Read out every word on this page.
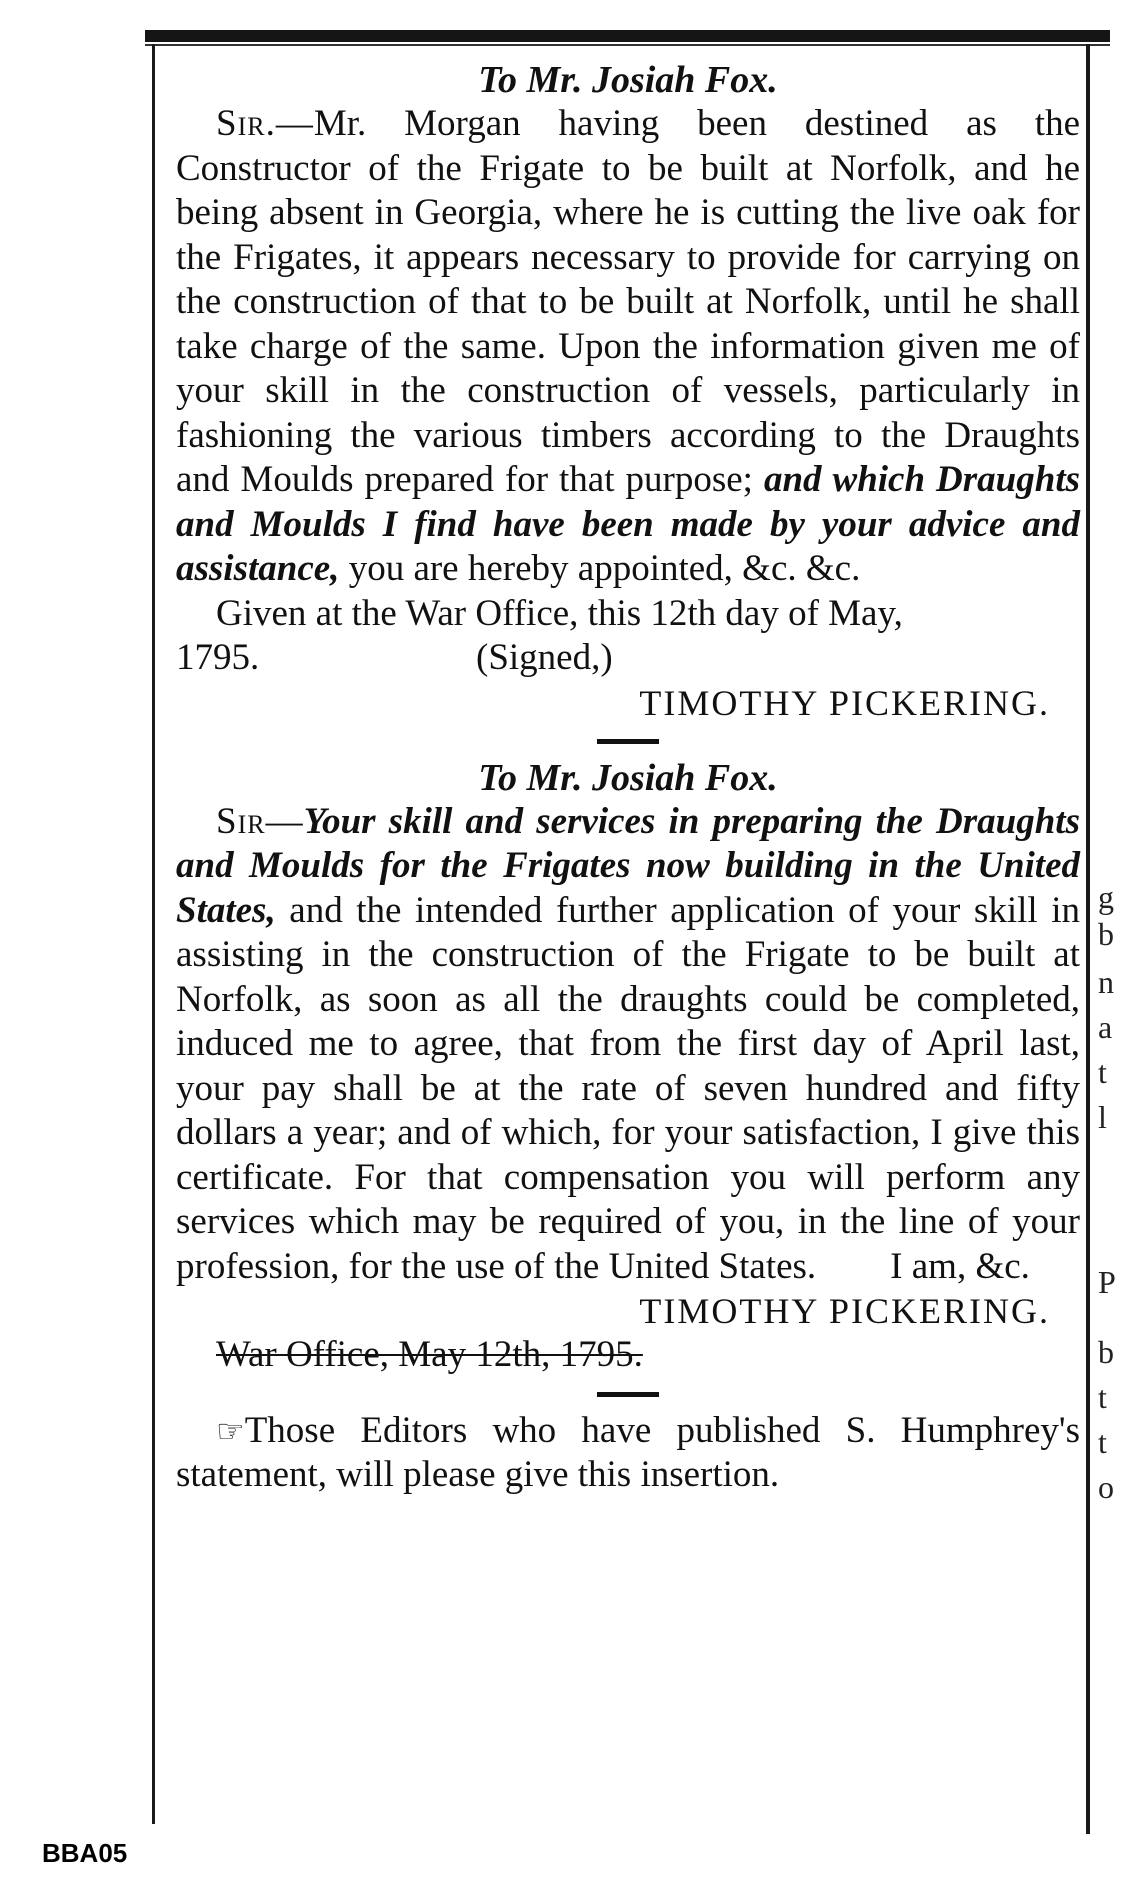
To Mr. Josiah Fox.

Sir.—Mr. Morgan having been destined as the Constructor of the Frigate to be built at Norfolk, and he being absent in Georgia, where he is cutting the live oak for the Frigates, it appears necessary to provide for carrying on the construction of that to be built at Norfolk, until he shall take charge of the same. Upon the information given me of your skill in the construction of vessels, particularly in fashioning the various timbers according to the Draughts and Moulds prepared for that purpose; and which Draughts and Moulds I find have been made by your advice and assistance, you are hereby appointed, &c. &c.

Given at the War Office, this 12th day of May,

1795.	(Signed,)
TIMOTHY PICKERING.
To Mr. Josiah Fox.

Sir—Your skill and services in preparing the Draughts and Moulds for the Frigates now building in the United States, and the intended further application of your skill in assisting in the construction of the Frigate to be built at Norfolk, as soon as all the draughts could be completed, induced me to agree, that from the first day of April last, your pay shall be at the rate of seven hundred and fifty dollars a year; and of which, for your satisfaction, I give this certificate. For that compensation you will perform any services which may be required of you, in the line of your profession, for the use of the United States. I am, &c.

TIMOTHY PICKERING.

War Office, May 12th, 1795.

☞Those Editors who have published S. Humphrey's statement, will please give this insertion.

g
b
n
a
t
l
P
b
t
t
o
BBA05
